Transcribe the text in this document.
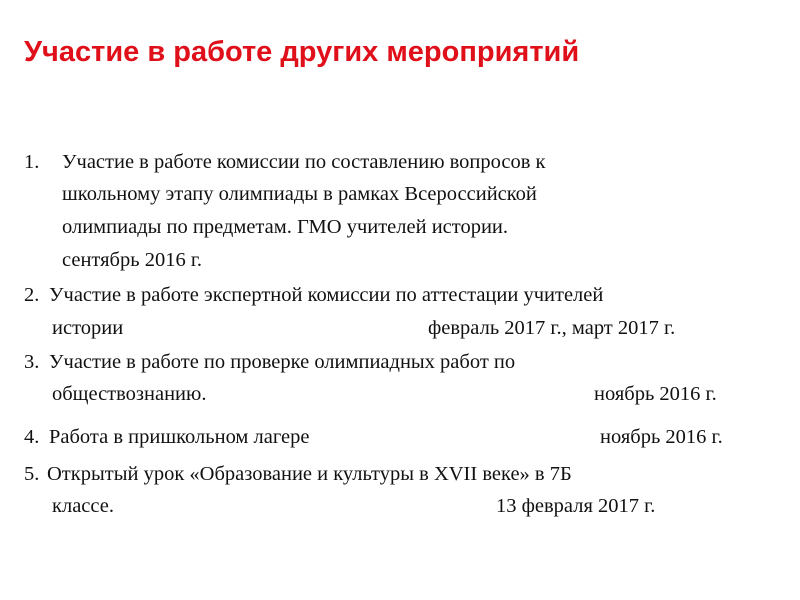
Участие в работе других мероприятий
1. Участие в работе комиссии по составлению вопросов к
школьному этапу олимпиады в рамках Всероссийской
олимпиады по предметам. ГМО учителей истории.
сентябрь 2016 г.
2. Участие в работе экспертной комиссии по аттестации учителей
истории	февраль 2017 г., март 2017 г.
3. Участие в работе по проверке олимпиадных работ по
обществознанию.	ноябрь 2016 г.
4. Работа в пришкольном лагере	ноябрь 2016 г.
5. Открытый урок «Образование и культуры в XVII веке» в 7Б
классе.	13 февраля 2017 г.
